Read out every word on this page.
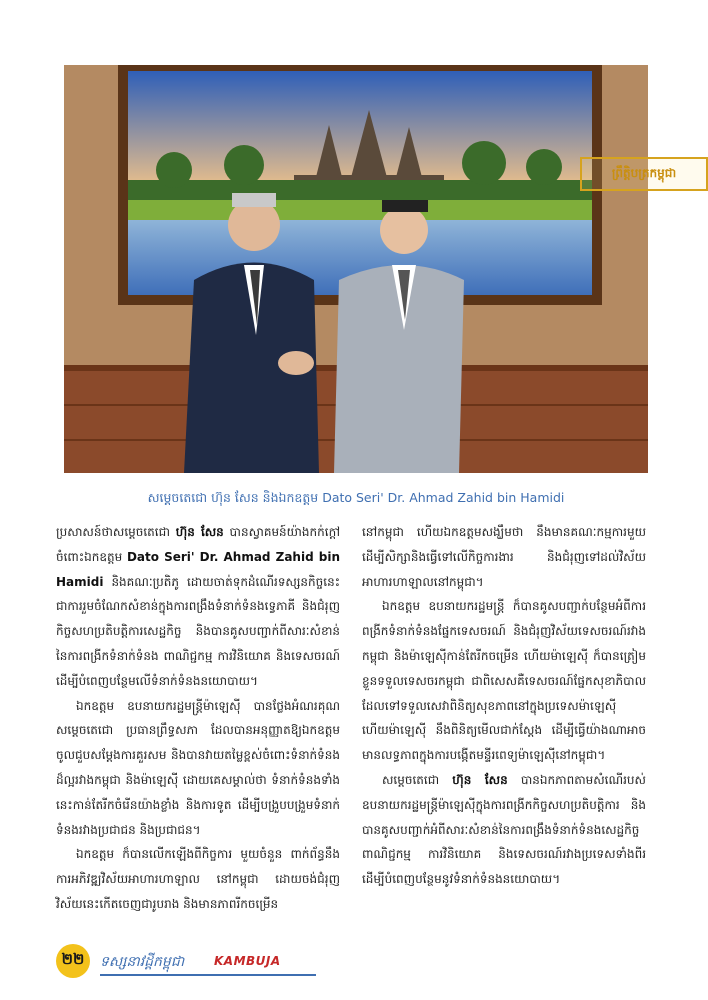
ព្រឹត្តិបត្រកម្ពុជា
សម្ដេចតេជោ ហ៊ុន សែន និងឯកឧត្ដម Dato Seri' Dr. Ahmad Zahid bin Hamidi

ប្រសាសន៍ថាសម្ដេចតេជោ ហ៊ុន សែន បានស្វាគមន៍យ៉ាងកក់ក្ដៅចំពោះឯកឧត្ដម Dato Seri' Dr. Ahmad Zahid bin Hamidi និងគណៈប្រតិភូ ដោយចាត់ទុកដំណើរទស្សនកិច្ចនេះ ជាការរួមចំណែកសំខាន់ក្នុងការពង្រឹងទំនាក់ទំនងទ្វេភាគី និងជំរុញកិច្ចសហប្រតិបត្តិការសេដ្ឋកិច្ច និងបានគូសបញ្ជាក់ពីសារៈសំខាន់នៃការពង្រីកទំនាក់ទំនង ពាណិជ្ជកម្ម ការវិនិយោគ និងទេសចរណ៍ ដើម្បីបំពេញបន្ថែមលើទំនាក់ទំនងនយោបាយ។

ឯកឧត្ដម ឧបនាយករដ្ឋមន្រ្តីម៉ាឡេស៊ី បានថ្លែងអំណរគុណ សម្ដេចតេជោ ប្រធានព្រឹទ្ធសភា ដែលបានអនុញ្ញាតឱ្យឯកឧត្ដម ចូលជួបសម្ដែងការគួរសម និងបានវាយតម្លៃខ្ពស់ចំពោះទំនាក់ទំនងដ៏ល្អរវាងកម្ពុជា និងម៉ាឡេស៊ី ដោយគេសម្គាល់ថា ទំនាក់ទំនងទាំងនេះកាន់តែរីកចំរើនយ៉ាងខ្លាំង និងការទូត ដើម្បីបង្រួបបង្រួមទំនាក់ទំនងរវាងប្រជាជន និងប្រជាជន។

ឯកឧត្ដម ក៏បានលើកឡើងពីកិច្ចការ មួយចំនួន ពាក់ព័ន្ធនឹងការអភិវឌ្ឍវិស័យអាហារហាឡាល នៅកម្ពុជា ដោយចង់ជំរុញវិស័យនេះកើតចេញជារូបរាង និងមានភាពរីកចម្រើន

នៅកម្ពុជា ហើយឯកឧត្ដមសង្ឃឹមថា នឹងមានគណៈកម្មការមួយ ដើម្បីសិក្សានិងធ្វើទៅលើកិច្ចការងារ និងជំរុញទៅដល់វិស័យអាហារហាឡាលនៅកម្ពុជា។

ឯកឧត្ដម ឧបនាយករដ្ឋមន្រ្តី ក៏បានគូសបញ្ជាក់បន្ថែមអំពីការពង្រីកទំនាក់ទំនងផ្នែកទេសចរណ៍ និងជំរុញវិស័យទេសចរណ៍រវាងកម្ពុជា និងម៉ាឡេស៊ីកាន់តែរីកចម្រើន ហើយម៉ាឡេស៊ី ក៏បានត្រៀមខ្លួនទទួលទេសចរកម្ពុជា ជាពិសេសគឺទេសចរណ៍ផ្នែកសុខាភិបាល ដែលទៅទទួលសេវាពិនិត្យសុខភាពនៅក្នុងប្រទេសម៉ាឡេស៊ី ហើយម៉ាឡេស៊ី នឹងពិនិត្យមើលជាក់ស្ដែង ដើម្បីធ្វើយ៉ាងណាអាចមានលទ្ធភាពក្នុងការបង្កើតមន្ទីរពេទ្យម៉ាឡេស៊ីនៅកម្ពុជា។

សម្ដេចតេជោ ហ៊ុន សែន បានឯកភាពតាមសំណើរបស់ឧបនាយករដ្ឋមន្រ្តីម៉ាឡេស៊ីក្នុងការពង្រីកកិច្ចសហប្រតិបត្តិការ និងបានគូសបញ្ជាក់អំពីសារៈសំខាន់នៃការពង្រឹងទំនាក់ទំនងសេដ្ឋកិច្ច ពាណិជ្ជកម្ម ការវិនិយោគ និងទេសចរណ៍រវាងប្រទេសទាំងពីរ ដើម្បីបំពេញបន្ថែមនូវទំនាក់ទំនងនយោបាយ។

២២	ទស្សនាវដ្ដីកម្ពុជា KAMBUJA
